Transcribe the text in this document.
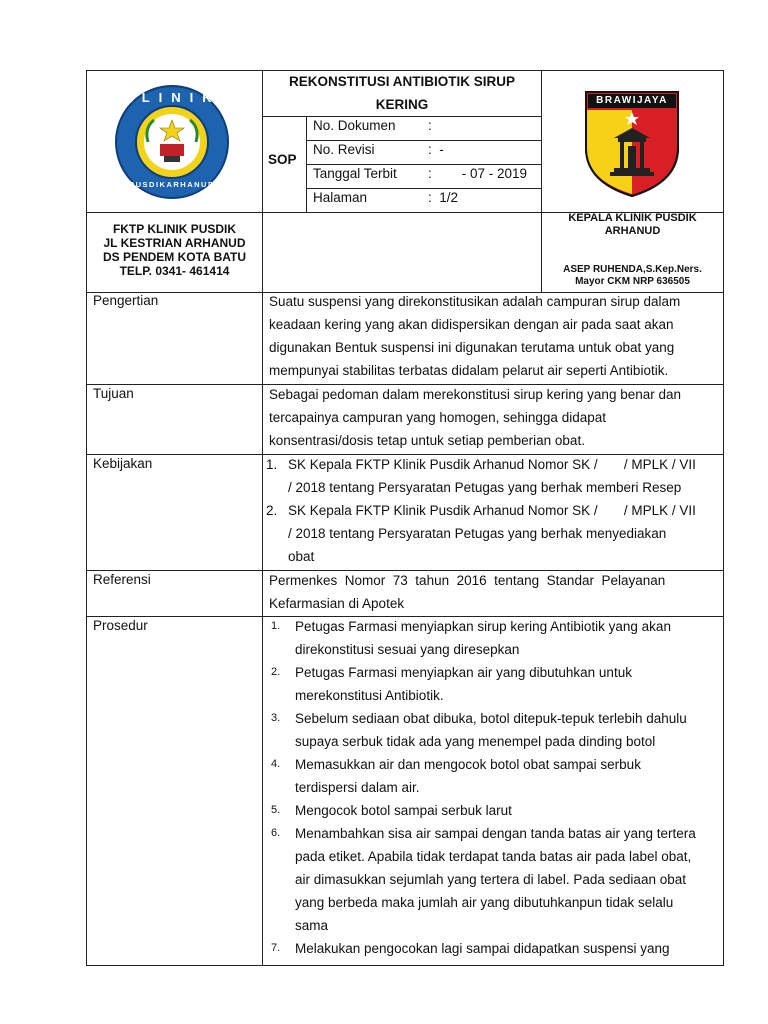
KLINIK
PUSDIKARHANUD
REKONSTITUSI ANTIBIOTIK SIRUP
KERING
SOP
No. Dokumen :
No. Revisi	:  -
Tanggal Terbit :        - 07 - 2019
Halaman	:  1/2
BRAWIJAYA
FKTP KLINIK PUSDIK
JL KESTRIAN ARHANUD
DS PENDEM KOTA BATU
TELP. 0341- 461414
KEPALA KLINIK PUSDIK
ARHANUD
ASEP RUHENDA,S.Kep.Ners.
Mayor CKM NRP 636505
Pengertian	Suatu suspensi yang direkonstitusikan adalah campuran sirup dalam
keadaan kering yang akan didispersikan dengan air pada saat akan
digunakan Bentuk suspensi ini digunakan terutama untuk obat yang
mempunyai stabilitas terbatas didalam pelarut air seperti Antibiotik.
Tujuan	Sebagai pedoman dalam merekonstitusi sirup kering yang benar dan
tercapainya campuran yang homogen, sehingga didapat
konsentrasi/dosis tetap untuk setiap pemberian obat.
Kebijakan	1. SK Kepala FKTP Klinik Pusdik Arhanud Nomor SK /       / MPLK / VII
/ 2018 tentang Persyaratan Petugas yang berhak memberi Resep
2. SK Kepala FKTP Klinik Pusdik Arhanud Nomor SK /       / MPLK / VII
/ 2018 tentang Persyaratan Petugas yang berhak menyediakan
obat
Referensi	Permenkes  Nomor  73  tahun  2016  tentang  Standar  Pelayanan
Kefarmasian di Apotek
Prosedur	1. Petugas Farmasi menyiapkan sirup kering Antibiotik yang akan
direkonstitusi sesuai yang diresepkan
2. Petugas Farmasi menyiapkan air yang dibutuhkan untuk
merekonstitusi Antibiotik.
3. Sebelum sediaan obat dibuka, botol ditepuk-tepuk terlebih dahulu
supaya serbuk tidak ada yang menempel pada dinding botol
4. Memasukkan air dan mengocok botol obat sampai serbuk
terdispersi dalam air.
5. Mengocok botol sampai serbuk larut
6. Menambahkan sisa air sampai dengan tanda batas air yang tertera
pada etiket. Apabila tidak terdapat tanda batas air pada label obat,
air dimasukkan sejumlah yang tertera di label. Pada sediaan obat
yang berbeda maka jumlah air yang dibutuhkanpun tidak selalu
sama
7. Melakukan pengocokan lagi sampai didapatkan suspensi yang
